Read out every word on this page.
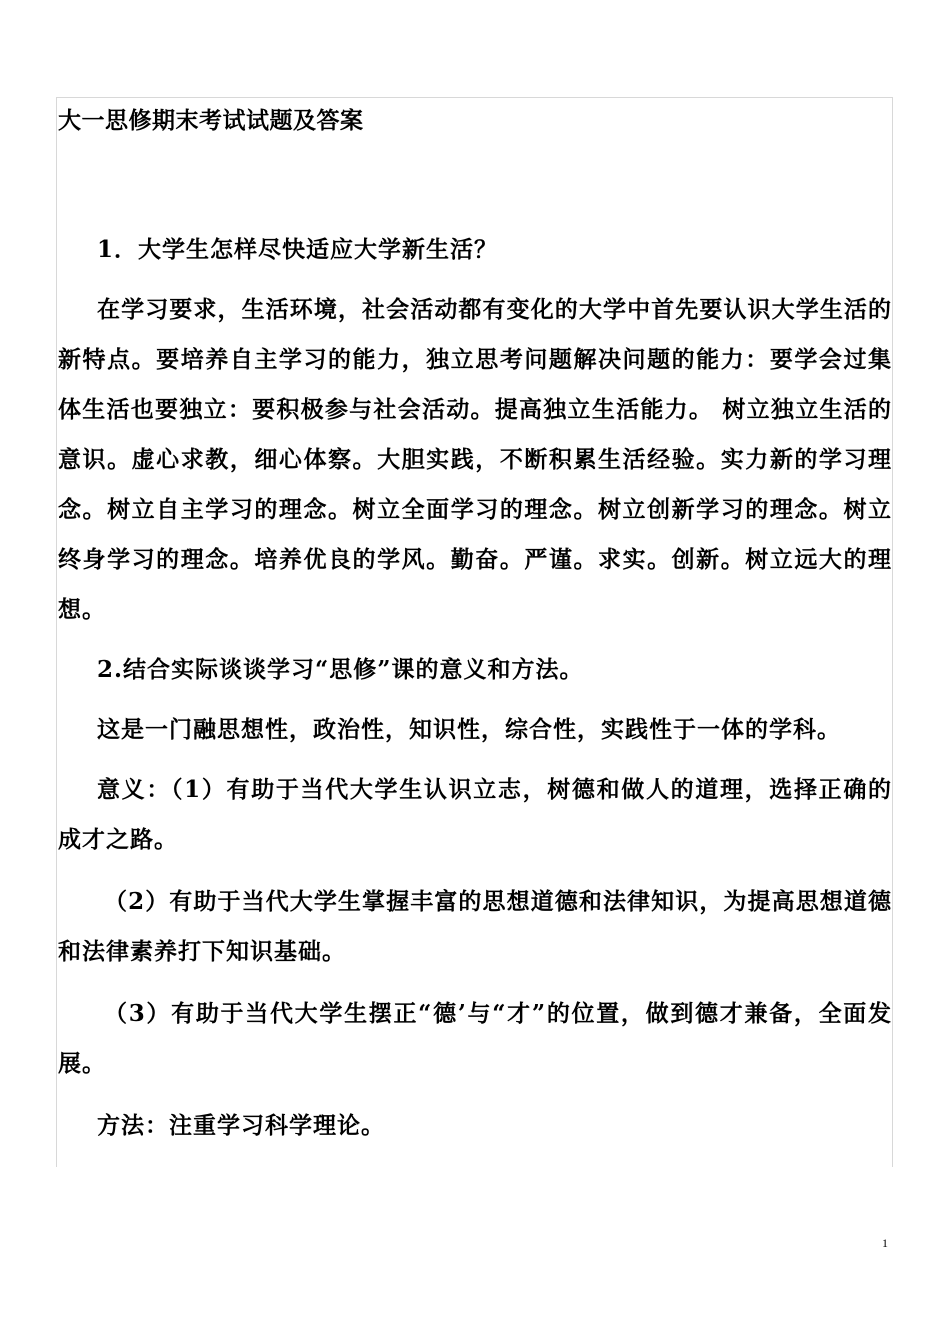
大一思修期末考试试题及答案

1．大学生怎样尽快适应大学新生活？

在学习要求，生活环境，社会活动都有变化的大学中首先要认识大学生活的新特点。要培养自主学习的能力，独立思考问题解决问题的能力：要学会过集体生活也要独立：要积极参与社会活动。提高独立生活能力。 树立独立生活的意识。虚心求教，细心体察。大胆实践，不断积累生活经验。实力新的学习理念。树立自主学习的理念。树立全面学习的理念。树立创新学习的理念。树立终身学习的理念。培养优良的学风。勤奋。严谨。求实。创新。树立远大的理想。

2.结合实际谈谈学习“思修”课的意义和方法。

这是一门融思想性，政治性，知识性，综合性，实践性于一体的学科。

意义：（1）有助于当代大学生认识立志，树德和做人的道理，选择正确的成才之路。

（2）有助于当代大学生掌握丰富的思想道德和法律知识，为提高思想道德和法律素养打下知识基础。

（3）有助于当代大学生摆正“德’与“才”的位置，做到德才兼备，全面发展。

方法：注重学习科学理论。

1
